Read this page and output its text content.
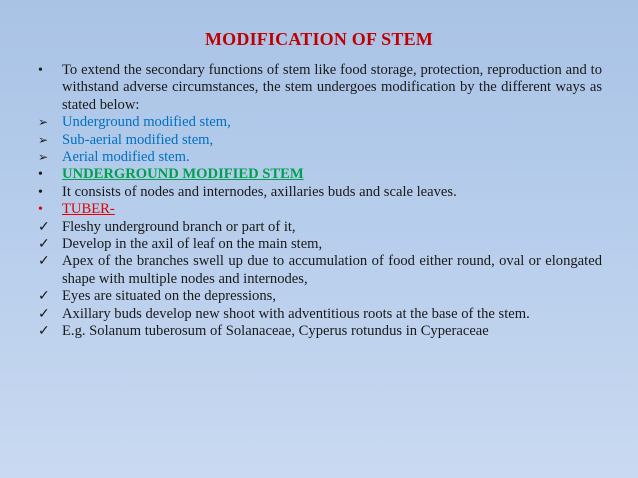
MODIFICATION OF STEM
•	To extend the secondary functions of stem like food storage, protection, reproduction and to withstand adverse circumstances, the stem undergoes modification by the different ways as stated below:
➢ Underground modified stem,
➢ Sub-aerial modified stem,
➢ Aerial modified stem.
•	UNDERGROUND MODIFIED STEM
•	It consists of nodes and internodes, axillaries buds and scale leaves.
•	TUBER-
✓ Fleshy underground branch or part of it,
✓ Develop in the axil of leaf on the main stem,
✓ Apex of the branches swell up due to accumulation of food either round, oval or elongated shape with multiple nodes and internodes,
✓ Eyes are situated on the depressions,
✓ Axillary buds develop new shoot with adventitious roots at the base of the stem.
✓ E.g. Solanum tuberosum of Solanaceae, Cyperus rotundus in Cyperaceae
